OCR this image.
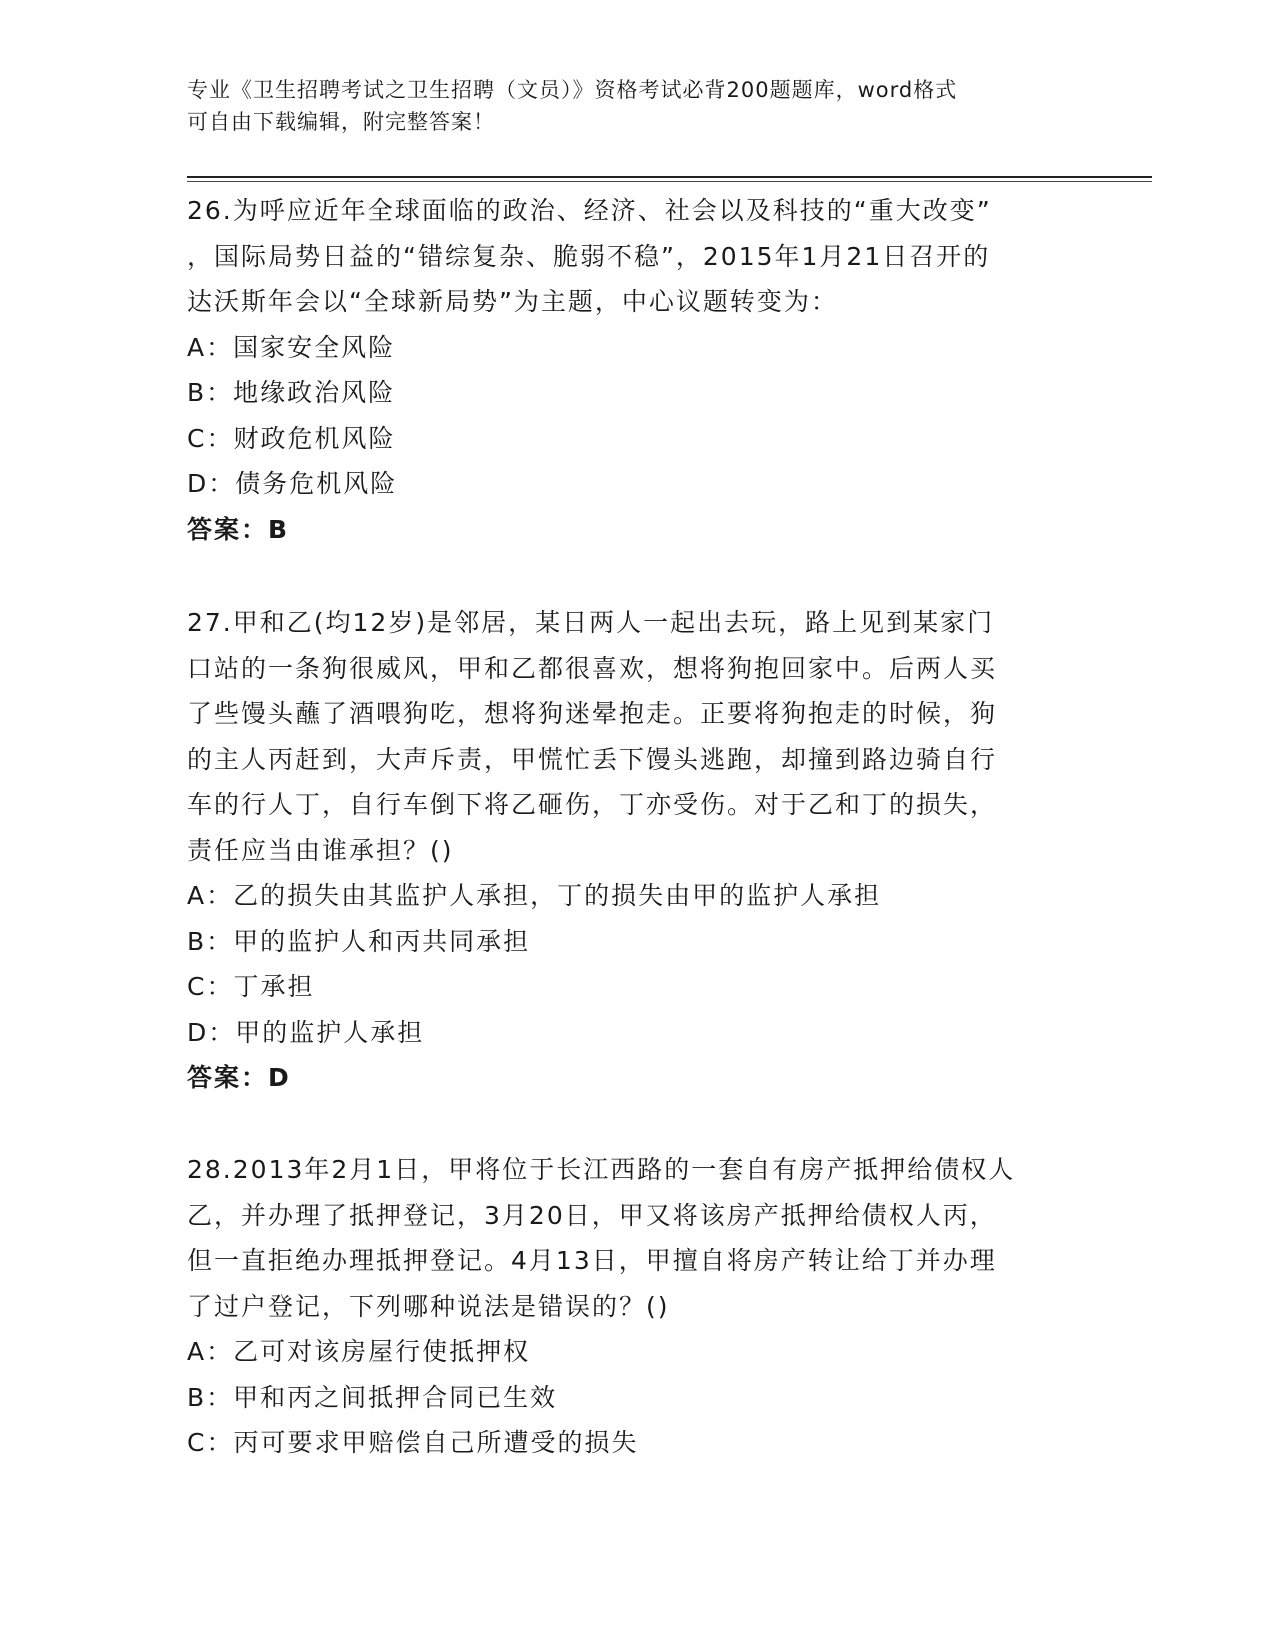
专业《卫生招聘考试之卫生招聘（文员）》资格考试必背200题题库，word格式
可自由下载编辑，附完整答案！
26.为呼应近年全球面临的政治、经济、社会以及科技的“重大改变”
，国际局势日益的“错综复杂、脆弱不稳”，2015年1月21日召开的
达沃斯年会以“全球新局势”为主题，中心议题转变为：
A：国家安全风险
B：地缘政治风险
C：财政危机风险
D：债务危机风险
答案：B
27.甲和乙(均12岁)是邻居，某日两人一起出去玩，路上见到某家门
口站的一条狗很威风，甲和乙都很喜欢，想将狗抱回家中。后两人买
了些馒头蘸了酒喂狗吃，想将狗迷晕抱走。正要将狗抱走的时候，狗
的主人丙赶到，大声斥责，甲慌忙丢下馒头逃跑，却撞到路边骑自行
车的行人丁，自行车倒下将乙砸伤，丁亦受伤。对于乙和丁的损失，
责任应当由谁承担？()
A：乙的损失由其监护人承担，丁的损失由甲的监护人承担
B：甲的监护人和丙共同承担
C：丁承担
D：甲的监护人承担
答案：D
28.2013年2月1日，甲将位于长江西路的一套自有房产抵押给债权人
乙，并办理了抵押登记，3月20日，甲又将该房产抵押给债权人丙，
但一直拒绝办理抵押登记。4月13日，甲擅自将房产转让给丁并办理
了过户登记，下列哪种说法是错误的？()
A：乙可对该房屋行使抵押权
B：甲和丙之间抵押合同已生效
C：丙可要求甲赔偿自己所遭受的损失
